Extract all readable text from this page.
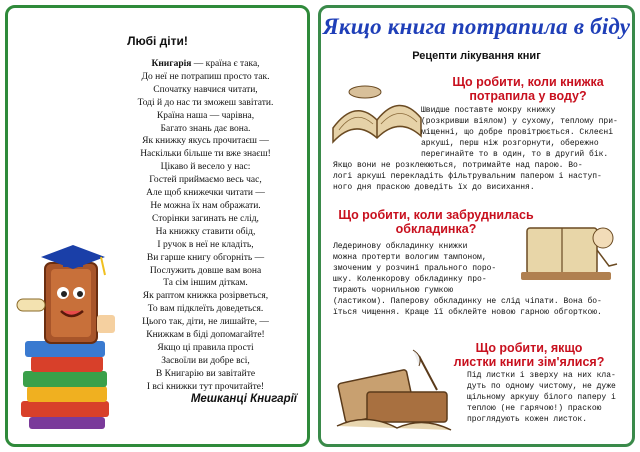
Любі діти!
Книгарія — країна є така,
До неї не потрапиш просто так.
Спочатку навчися читати,
Тоді й до нас ти зможеш завітати.
Країна наша — чарівна,
Багато знань дає вона.
Як книжку якусь прочитаєш —
Наскільки більше ти вже знаєш!
Цікаво й весело у нас:
Гостей приймаємо весь час,
Але щоб книжечки читати —
Не можна їх нам ображати.
Сторінки загинать не слід,
На книжку ставити обід,
І ручок в неї не кладіть,
Ви гарше книгу обгорніть —
Послужить довше вам вона
Та сім іншим діткам.
Як раптом книжка розірветься,
То вам підклеїть доведеться.
Цього так, діти, не лишайте, —
Книжкам в біді допомагайте!
Якщо ці правила прості
Засвоїли ви добре всі,
В Книгарію ви завітайте
І всі книжки тут прочитайте!
Мешканці Книгарії
Якщо книга потрапила в біду
Рецепти лікування книг
Що робити, коли книжка
потрапила у воду?
Швидше поставте мокру книжку
(розкривши віялом) у сухому, теплому при-
міщенні, що добре провітрюється. Склеєні
аркуші, перш ніж розгорнути, обережно
перегинайте то в один, то в другий бік.
Якщо вони не розклеюються, потримайте над парою. Во-
логі аркуші перекладіть фільтрувальним папером і наступ-
ного дня праскою доведіть їх до висихання.
Що робити, коли забруднилась
обкладинка?
Ледеринову обкладинку книжки
можна протерти вологим тампоном,
змоченим у розчині прального поро-
шку. Коленкорову обкладинку про-
тирають чорнильною гумкою
(ластиком). Паперову обкладинку не слід чіпати. Вона бо-
їться чищення. Краще її обклейте новою гарною обгорткою.
Що робити, якщо
листки книги зім'ялися?
Під листки і зверху на них кла-
дуть по одному чистому, не дуже
щільному аркушу білого паперу і
теплою (не гарячою!) праскою
проглядують кожен листок.
